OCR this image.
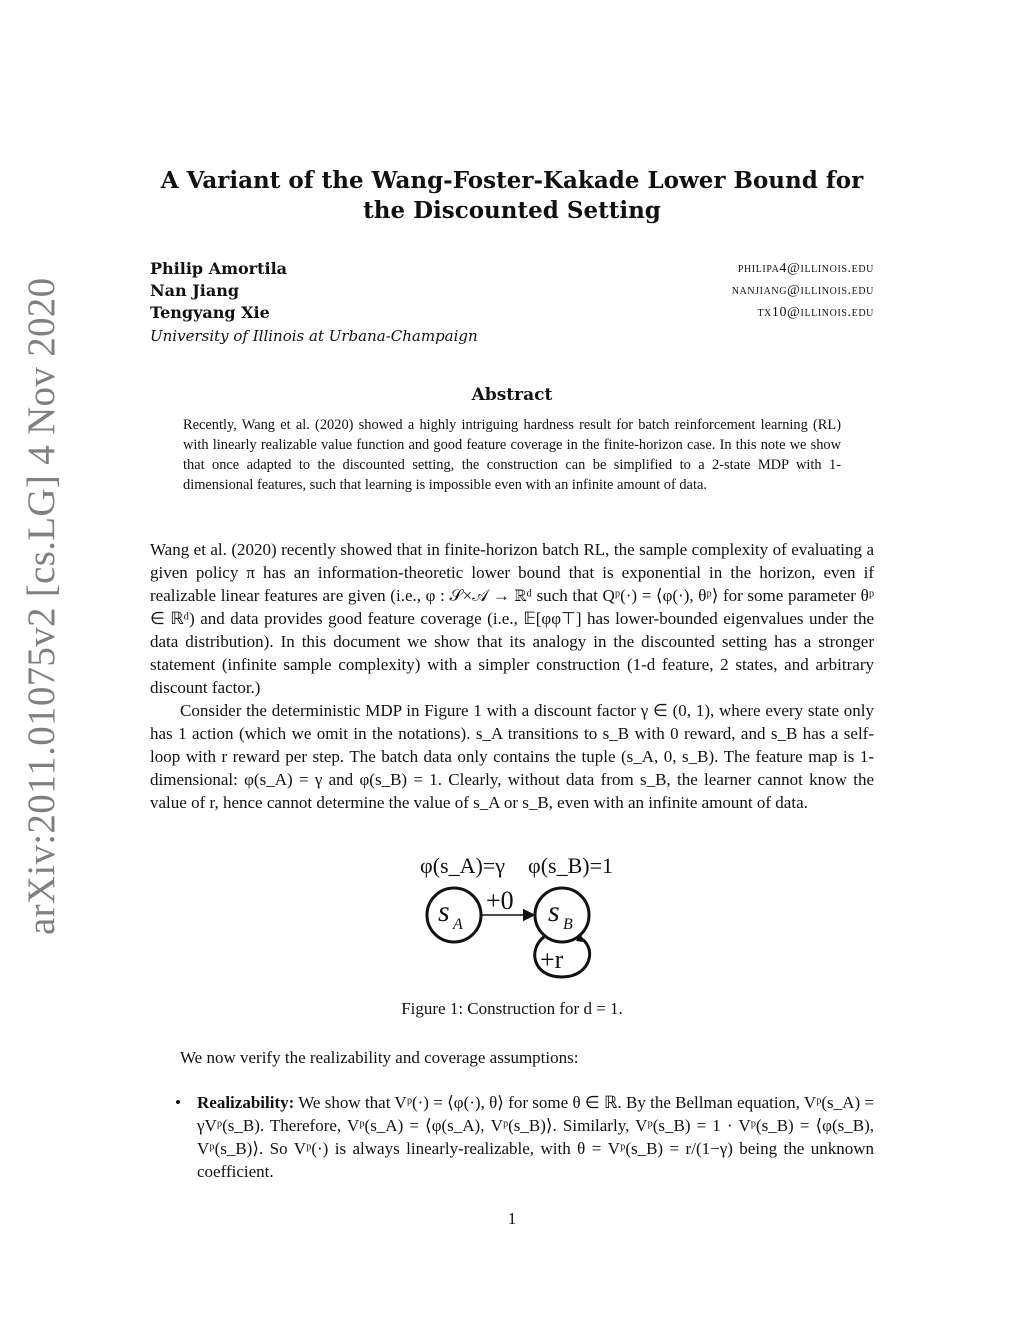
arXiv:2011.01075v2 [cs.LG] 4 Nov 2020
A Variant of the Wang-Foster-Kakade Lower Bound for the Discounted Setting
Philip Amortila	philipa4@illinois.edu
Nan Jiang	nanjiang@illinois.edu
Tengyang Xie	tx10@illinois.edu
University of Illinois at Urbana-Champaign
Abstract
Recently, Wang et al. (2020) showed a highly intriguing hardness result for batch reinforcement learning (RL) with linearly realizable value function and good feature coverage in the finite-horizon case. In this note we show that once adapted to the discounted setting, the construction can be simplified to a 2-state MDP with 1-dimensional features, such that learning is impossible even with an infinite amount of data.

Wang et al. (2020) recently showed that in finite-horizon batch RL, the sample complexity of evaluating a given policy π has an information-theoretic lower bound that is exponential in the horizon, even if realizable linear features are given (i.e., φ : 𝒮×𝒜 → ℝᵈ such that Qᵖ(·) = ⟨φ(·), θᵖ⟩ for some parameter θᵖ ∈ ℝᵈ) and data provides good feature coverage (i.e., 𝔼[φφ⊤] has lower-bounded eigenvalues under the data distribution). In this document we show that its analogy in the discounted setting has a stronger statement (infinite sample complexity) with a simpler construction (1-d feature, 2 states, and arbitrary discount factor.)

Consider the deterministic MDP in Figure 1 with a discount factor γ ∈ (0, 1), where every state only has 1 action (which we omit in the notations). s_A transitions to s_B with 0 reward, and s_B has a self-loop with r reward per step. The batch data only contains the tuple (s_A, 0, s_B). The feature map is 1-dimensional: φ(s_A) = γ and φ(s_B) = 1. Clearly, without data from s_B, the learner cannot know the value of r, hence cannot determine the value of s_A or s_B, even with an infinite amount of data.

φ(s_A)=γ φ(s_B)=1
s A
+0 s B
+r
Figure 1: Construction for d = 1.

We now verify the realizability and coverage assumptions:

• Realizability: We show that Vᵖ(·) = ⟨φ(·), θ⟩ for some θ ∈ ℝ. By the Bellman equation, Vᵖ(s_A) = γVᵖ(s_B). Therefore, Vᵖ(s_A) = ⟨φ(s_A), Vᵖ(s_B)⟩. Similarly, Vᵖ(s_B) = 1 · Vᵖ(s_B) = ⟨φ(s_B), Vᵖ(s_B)⟩. So Vᵖ(·) is always linearly-realizable, with θ = Vᵖ(s_B) = r/(1−γ) being the unknown coefficient.
1
